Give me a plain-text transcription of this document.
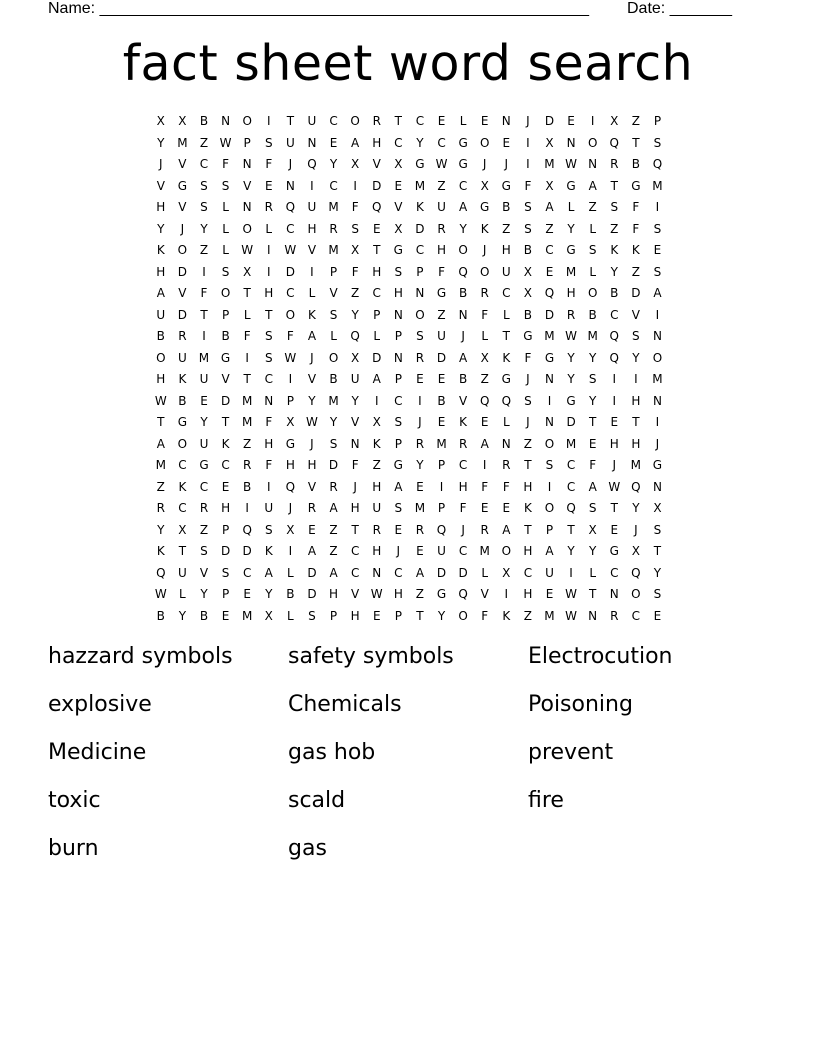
Name: _______________________________________________________ Date: _______
fact sheet word search
X	X	B	N	O	I	T	U	C	O	R	T	C	E	L	E	N	J	D	E	I	X	Z	P
Y	M	Z W	P	S	U	N	E	A	H	C	Y	C	G	O	E	I	X	N	O	Q	T	S
J	V	C	F	N	F	J	Q	Y	X	V	X	G W G	J	J	I	M W N	R	B	Q
V	G	S	S	V	E	N	I	C	I	D	E	M	Z	C	X	G	F	X	G	A	T	G M
H	V	S	L	N	R	Q	U	M	F	Q	V	K	U	A	G	B	S	A	L	Z	S	F	I
Y	J	Y	L	O	L	C	H	R	S	E	X	D	R	Y	K	Z	S	Z	Y	L	Z	F	S
K	O	Z	L	W	I	W V	M	X	T	G	C	H	O	J	H	B	C	G	S	K	K	E
H	D	I	S	X	I	D	I	P	F	H	S	P	F	Q	O	U	X	E	M	L	Y	Z	S
A	V	F	O	T	H	C	L	V	Z	C	H	N	G	B	R	C	X	Q	H	O	B	D	A
U	D	T	P	L	T	O	K	S	Y	P	N	O	Z	N	F	L	B	D	R	B	C	V	I
B	R	I	B	F	S	F	A	L	Q	L	P	S	U	J	L	T	G M W M Q	S	N
O	U	M G	I	S W	J	O	X	D	N	R	D	A	X	K	F	G	Y	Y	Q	Y	O
H	K	U	V	T	C	I	V	B	U	A	P	E	E	B	Z	G	J	N	Y	S	I	I	M
W B	E	D M N	P	Y	M	Y	I	C	I	B	V	Q	Q	S	I	G	Y	I	H	N
T	G	Y	T	M	F	X W Y	V	X	S	J	E	K	E	L	J	N	D	T	E	T	I
A	O	U	K	Z	H	G	J	S	N	K	P	R	M	R	A	N	Z	O M	E	H	H	J
M	C	G	C	R	F	H	H	D	F	Z	G	Y	P	C	I	R	T	S	C	F	J	M G
Z	K	C	E	B	I	Q	V	R	J	H	A	E	I	H	F	F	H	I	C	A W Q	N
R	C	R	H	I	U	J	R	A	H	U	S	M	P	F	E	E	K	O	Q	S	T	Y	X
Y	X	Z	P	Q	S	X	E	Z	T	R	E	R	Q	J	R	A	T	P	T	X	E	J	S
K	T	S	D	D	K	I	A	Z	C	H	J	E	U	C	M O	H	A	Y	Y	G	X	T
Q	U	V	S	C	A	L	D	A	C	N	C	A	D	D	L	X	C	U	I	L	C	Q	Y
W	L	Y	P	E	Y	B	D	H	V W H	Z	G	Q	V	I	H	E W T	N	O	S
B	Y	B	E	M	X	L	S	P	H	E	P	T	Y	O	F	K	Z	M W N	R	C	E
hazzard symbols	safety symbols	Electrocution
explosive	Chemicals	Poisoning
Medicine	gas hob	prevent
toxic	scald	fire
burn	gas
